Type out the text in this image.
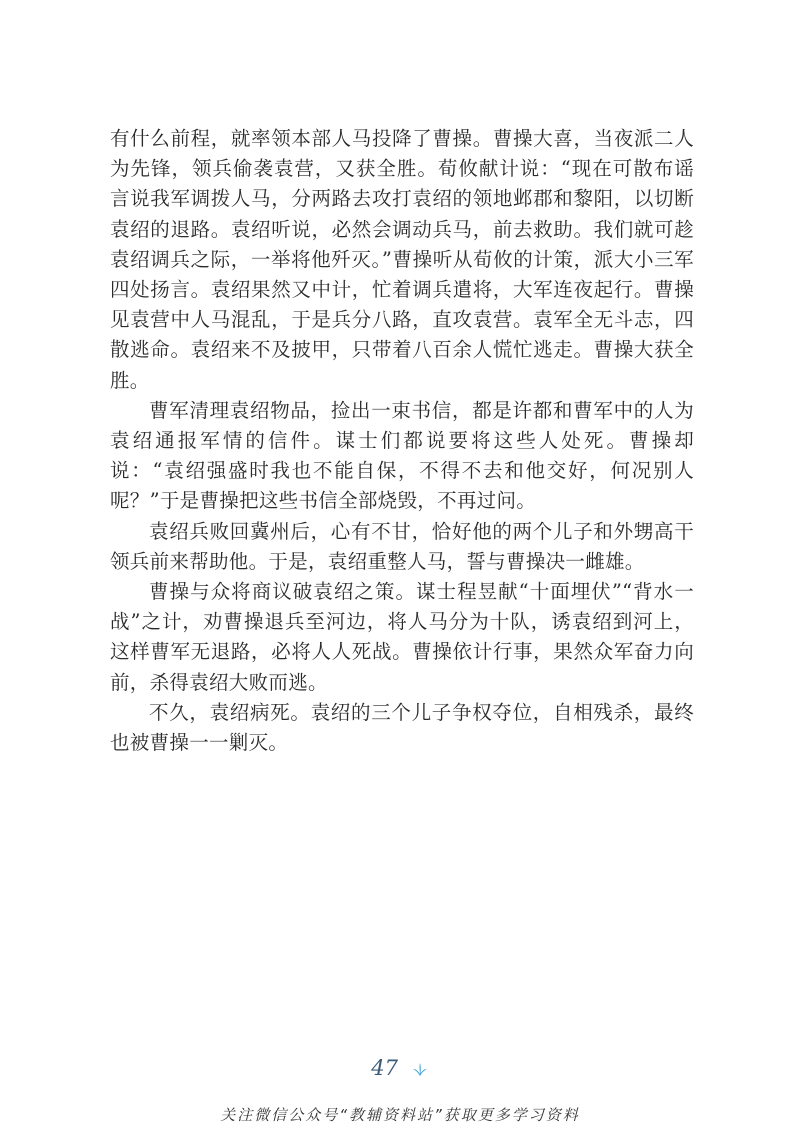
有什么前程，就率领本部人马投降了曹操。曹操大喜，当夜派二人为先锋，领兵偷袭袁营，又获全胜。荀攸献计说：“现在可散布谣言说我军调拨人马，分两路去攻打袁绍的领地邺郡和黎阳，以切断袁绍的退路。袁绍听说，必然会调动兵马，前去救助。我们就可趁袁绍调兵之际，一举将他歼灭。”曹操听从荀攸的计策，派大小三军四处扬言。袁绍果然又中计，忙着调兵遣将，大军连夜起行。曹操见袁营中人马混乱，于是兵分八路，直攻袁营。袁军全无斗志，四散逃命。袁绍来不及披甲，只带着八百余人慌忙逃走。曹操大获全胜。

曹军清理袁绍物品，捡出一束书信，都是许都和曹军中的人为袁绍通报军情的信件。谋士们都说要将这些人处死。曹操却说：“袁绍强盛时我也不能自保，不得不去和他交好，何况别人呢？”于是曹操把这些书信全部烧毁，不再过问。

袁绍兵败回冀州后，心有不甘，恰好他的两个儿子和外甥高干领兵前来帮助他。于是，袁绍重整人马，誓与曹操决一雌雄。

曹操与众将商议破袁绍之策。谋士程昱献“十面埋伏”“背水一战”之计，劝曹操退兵至河边，将人马分为十队，诱袁绍到河上，这样曹军无退路，必将人人死战。曹操依计行事，果然众军奋力向前，杀得袁绍大败而逃。

不久，袁绍病死。袁绍的三个儿子争权夺位，自相残杀，最终也被曹操一一剿灭。

47
关注微信公众号“教辅资料站”获取更多学习资料
